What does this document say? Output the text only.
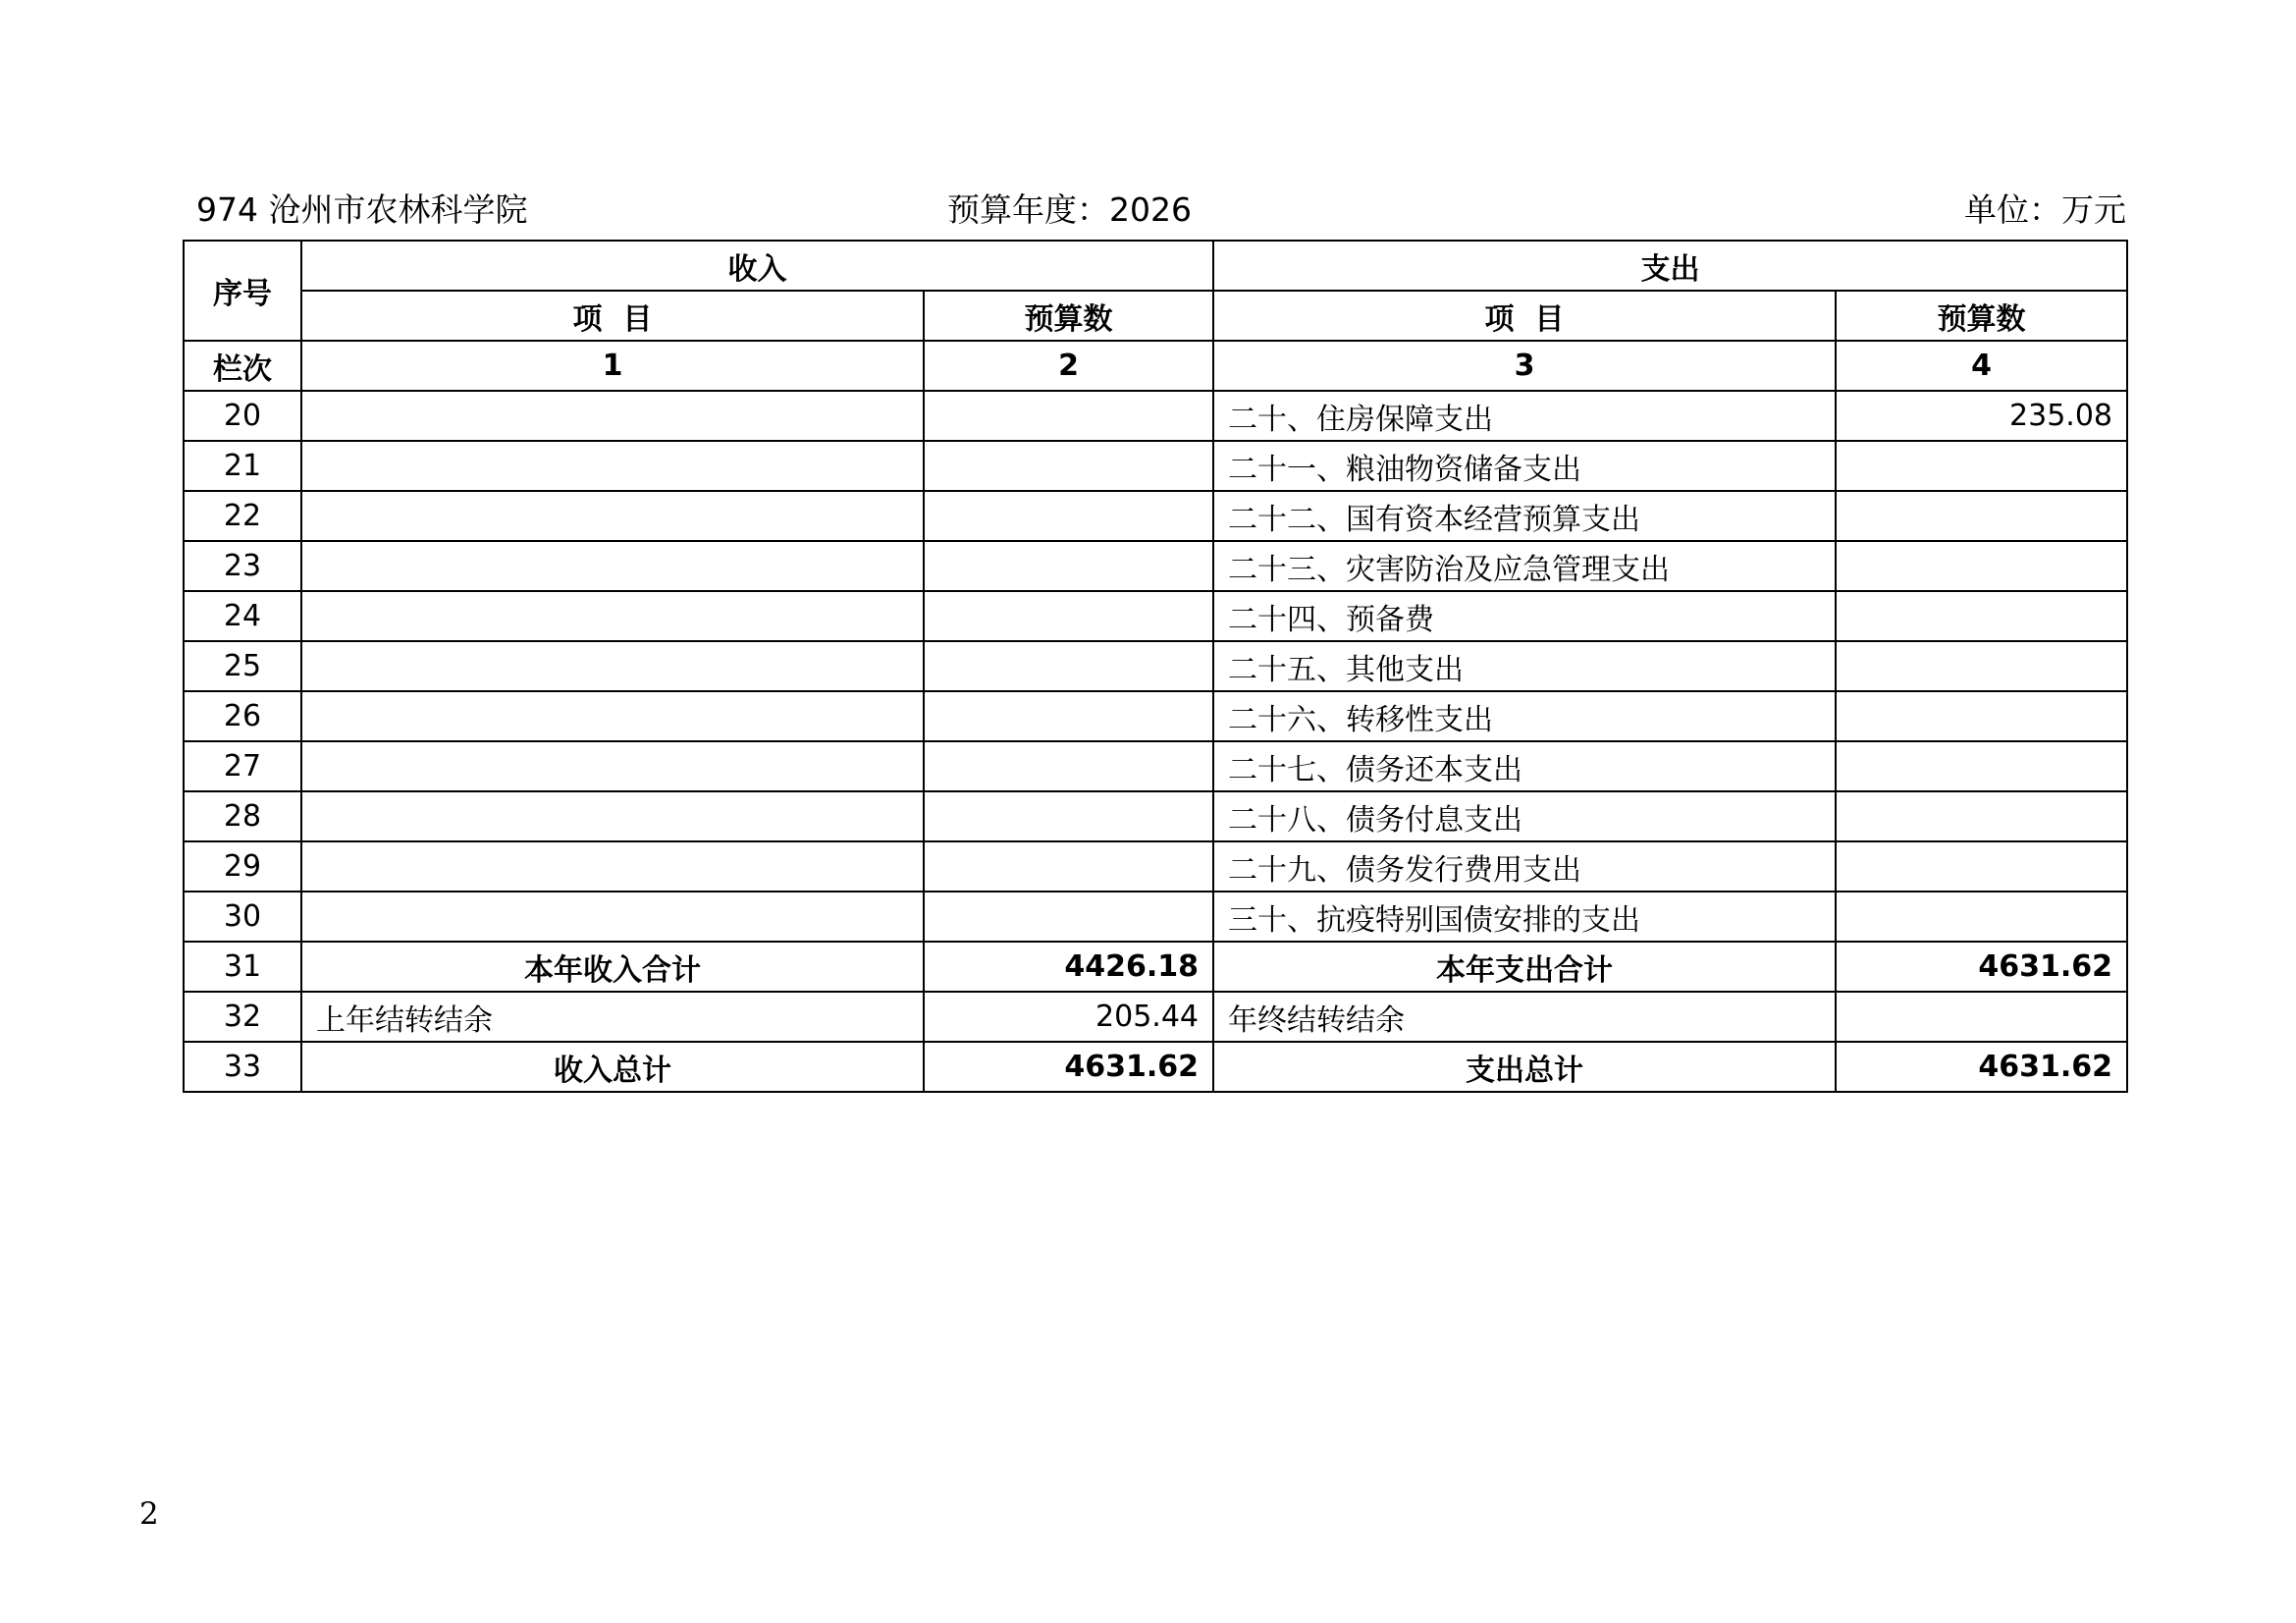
974 沧州市农林科学院	预算年度：2026	单位：万元
序号	收入		支出	
	项  目	预算数	项  目	预算数
栏次	1	2	3	4
20			二十、住房保障支出	235.08
21			二十一、粮油物资储备支出	
22			二十二、国有资本经营预算支出	
23			二十三、灾害防治及应急管理支出	
24			二十四、预备费	
25			二十五、其他支出	
26			二十六、转移性支出	
27			二十七、债务还本支出	
28			二十八、债务付息支出	
29			二十九、债务发行费用支出	
30			三十、抗疫特别国债安排的支出	
31	本年收入合计	4426.18	本年支出合计	4631.62
32	上年结转结余	205.44	年终结转结余	
33	收入总计	4631.62	支出总计	4631.62
2
